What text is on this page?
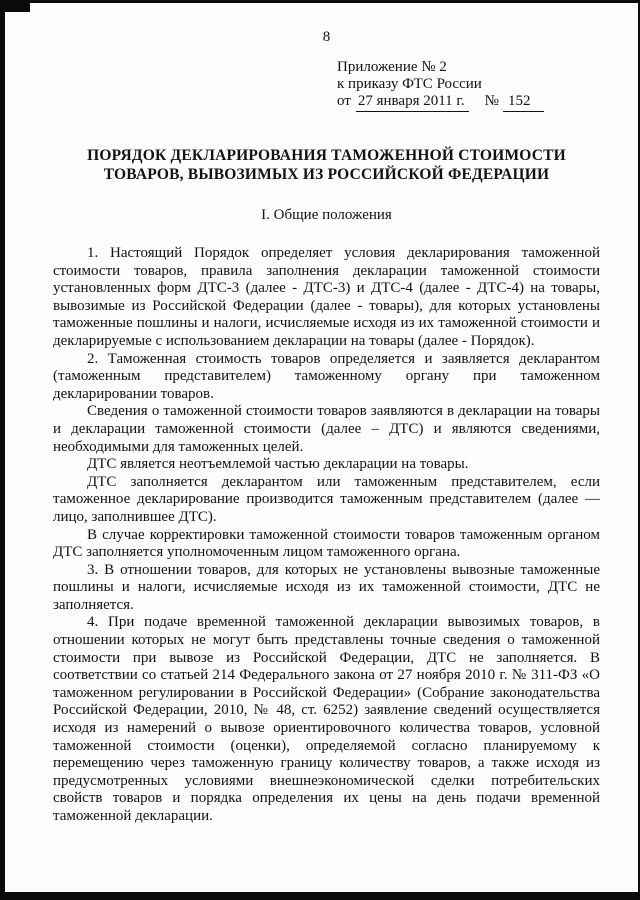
8
Приложение № 2
к приказу ФТС России
от 27 января 2011 г. № 152
ПОРЯДОК ДЕКЛАРИРОВАНИЯ ТАМОЖЕННОЙ СТОИМОСТИ
ТОВАРОВ, ВЫВОЗИМЫХ ИЗ РОССИЙСКОЙ ФЕДЕРАЦИИ
I. Общие положения

1. Настоящий Порядок определяет условия декларирования таможенной стоимости товаров, правила заполнения декларации таможенной стоимости установленных форм ДТС-3 (далее - ДТС-3) и ДТС-4 (далее - ДТС-4) на товары, вывозимые из Российской Федерации (далее - товары), для которых установлены таможенные пошлины и налоги, исчисляемые исходя из их таможенной стоимости и декларируемые с использованием декларации на товары (далее - Порядок).

2. Таможенная стоимость товаров определяется и заявляется декларантом (таможенным представителем) таможенному органу при таможенном декларировании товаров.

Сведения о таможенной стоимости товаров заявляются в декларации на товары и декларации таможенной стоимости (далее – ДТС) и являются сведениями, необходимыми для таможенных целей.

ДТС является неотъемлемой частью декларации на товары.

ДТС заполняется декларантом или таможенным представителем, если таможенное декларирование производится таможенным представителем (далее — лицо, заполнившее ДТС).

В случае корректировки таможенной стоимости товаров таможенным органом ДТС заполняется уполномоченным лицом таможенного органа.

3. В отношении товаров, для которых не установлены вывозные таможенные пошлины и налоги, исчисляемые исходя из их таможенной стоимости, ДТС не заполняется.

4. При подаче временной таможенной декларации вывозимых товаров, в отношении которых не могут быть представлены точные сведения о таможенной стоимости при вывозе из Российской Федерации, ДТС не заполняется. В соответствии со статьей 214 Федерального закона от 27 ноября 2010 г. № 311-ФЗ «О таможенном регулировании в Российской Федерации» (Собрание законодательства Российской Федерации, 2010, № 48, ст. 6252) заявление сведений осуществляется исходя из намерений о вывозе ориентировочного количества товаров, условной таможенной стоимости (оценки), определяемой согласно планируемому к перемещению через таможенную границу количеству товаров, а также исходя из предусмотренных условиями внешнеэкономической сделки потребительских свойств товаров и порядка определения их цены на день подачи временной таможенной декларации.
